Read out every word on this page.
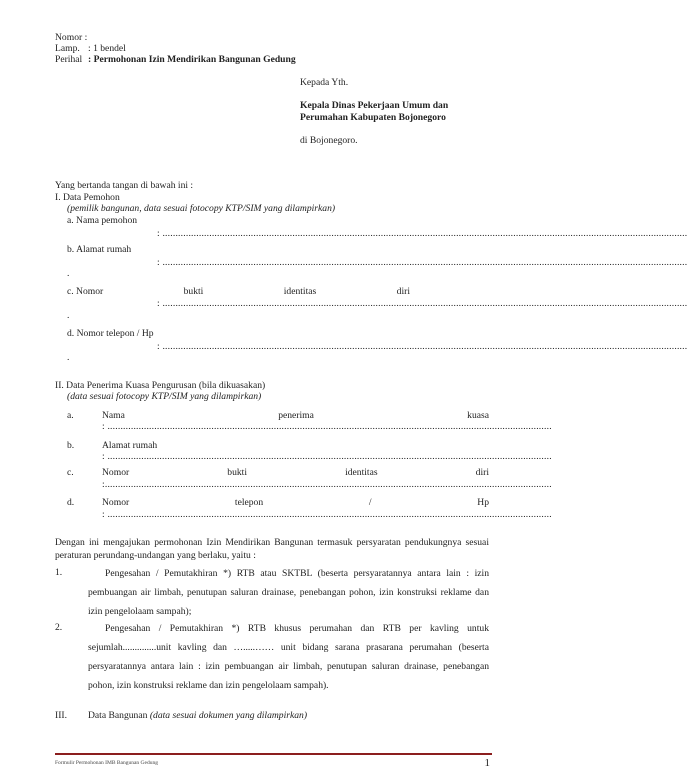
Nomor :
Lamp. : 1 bendel
Perihal : Permohonan Izin Mendirikan Bangunan Gedung
Kepada Yth.
Kepala Dinas Pekerjaan Umum dan
Perumahan Kabupaten Bojonegoro
di Bojonegoro.
Yang bertanda tangan di bawah ini :
I. Data Pemohon
(pemilik bangunan, data sesuai fotocopy KTP/SIM yang dilampirkan)
a. Nama pemohon
: ..........................................................................................................................................................................................................
b. Alamat rumah
: ..........................................................................................................................................................................................................
.
c. Nomor	bukti	identitas	diri
: ..........................................................................................................................................................................................................
.
d. Nomor telepon / Hp
: ..........................................................................................................................................................................................................
.
II. Data Penerima Kuasa Pengurusan (bila dikuasakan)
(data sesuai fotocopy KTP/SIM yang dilampirkan)
a.	Nama	penerima	kuasa
: ...........................................................................................................................................................................
b.	Alamat rumah
: ...........................................................................................................................................................................
c.	Nomor	bukti	identitas	diri
:............................................................................................................................................................................
d.	Nomor	telepon	/	Hp
: ...........................................................................................................................................................................
Dengan ini mengajukan permohonan Izin Mendirikan Bangunan termasuk persyaratan pendukungnya sesuai peraturan perundang-undangan yang berlaku, yaitu :
1.	Pengesahan / Pemutakhiran *) RTB atau SKTBL (beserta persyaratannya antara lain : izin pembuangan air limbah, penutupan saluran drainase, penebangan pohon, izin konstruksi reklame dan izin pengelolaam sampah);
2.	Pengesahan / Pemutakhiran *) RTB khusus perumahan dan RTB per kavling untuk sejumlah..............unit kavling dan ….....…… unit bidang sarana prasarana perumahan (beserta persyaratannya antara lain : izin pembuangan air limbah, penutupan saluran drainase, penebangan pohon, izin konstruksi reklame dan izin pengelolaam sampah).
III. Data Bangunan (data sesuai dokumen yang dilampirkan)
Formulir Permohonan IMB Bangunan Gedung	1
